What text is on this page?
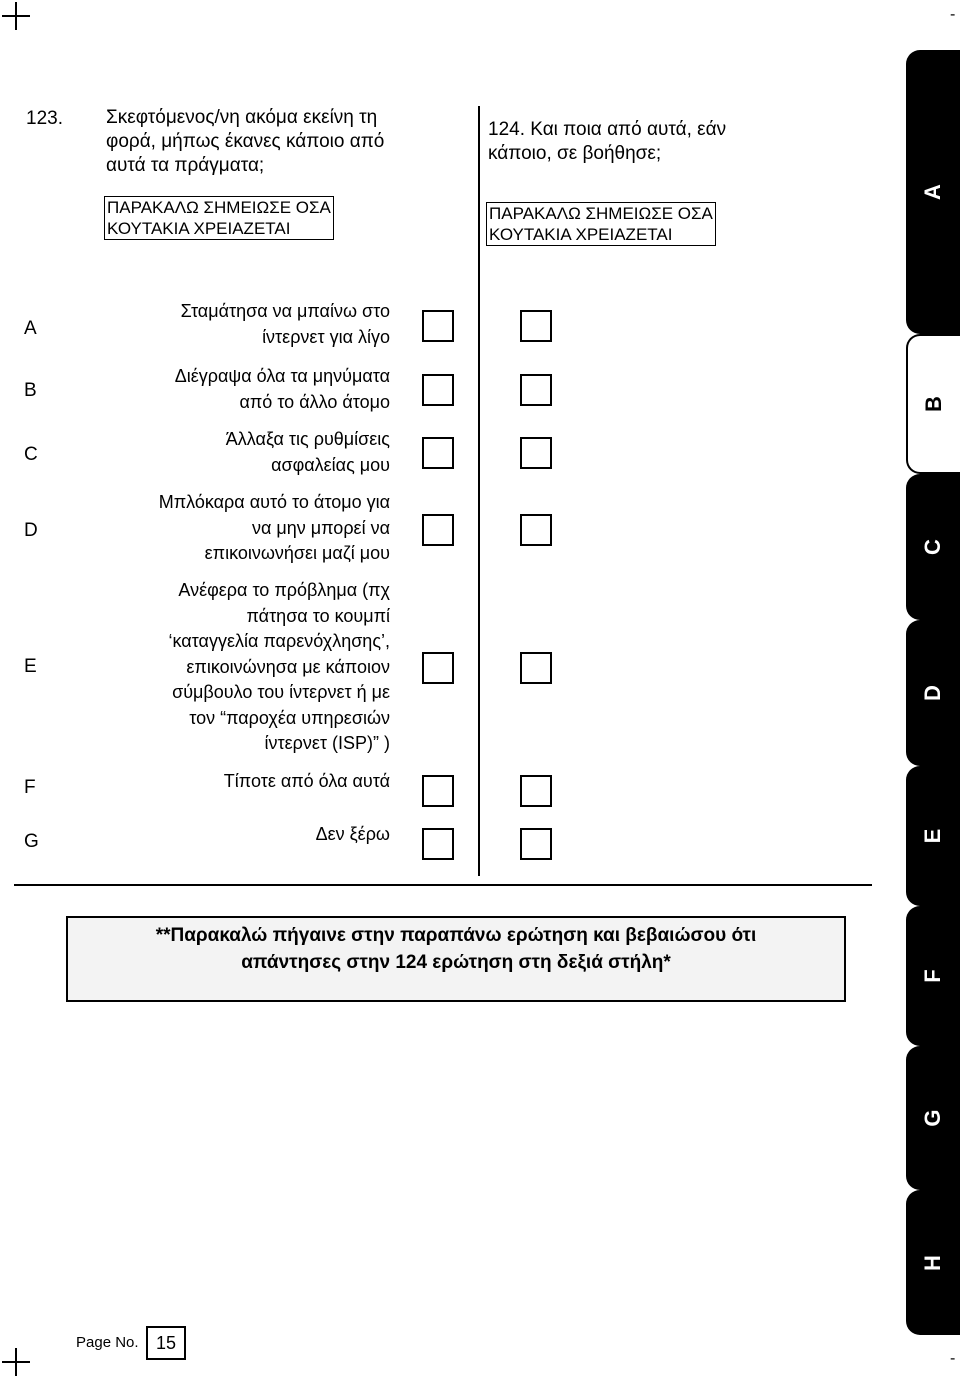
-
-
123. Σκεφτόμενος/νη ακόμα εκείνη τη
φορά, μήπως έκανες κάποιο από
αυτά τα πράγματα;
ΠΑΡΑΚΑΛΩ ΣΗΜΕΙΩΣΕ ΟΣΑ
ΚΟΥΤΑΚΙΑ ΧΡΕΙΑΖΕΤΑΙ
124. Και ποια από αυτά, εάν
κάποιο, σε βοήθησε;
ΠΑΡΑΚΑΛΩ ΣΗΜΕΙΩΣΕ ΟΣΑ
ΚΟΥΤΑΚΙΑ ΧΡΕΙΑΖΕΤΑΙ
A
Σταμάτησα να μπαίνω στο
ίντερνετ για λίγο
B
Διέγραψα όλα τα μηνύματα
από το άλλο άτομο
C
Άλλαξα τις ρυθμίσεις
ασφαλείας μου
D
Μπλόκαρα αυτό το άτομο για
να μην μπορεί να
επικοινωνήσει μαζί μου
E
Ανέφερα το πρόβλημα (πχ
πάτησα το κουμπί
‘καταγγελία παρενόχλησης’,
επικοινώνησα με κάποιον
σύμβουλο του ίντερνετ ή με
τον “παροχέα υπηρεσιών
ίντερνετ (ISP)” )
F	Τίποτε από όλα αυτά
G	Δεν ξέρω
**Παρακαλώ πήγαινε στην παραπάνω ερώτηση και βεβαιώσου ότι
απάντησες στην 124 ερώτηση στη δεξιά στήλη*
A
B
C
D
E
F
G
H
Page No. 15
